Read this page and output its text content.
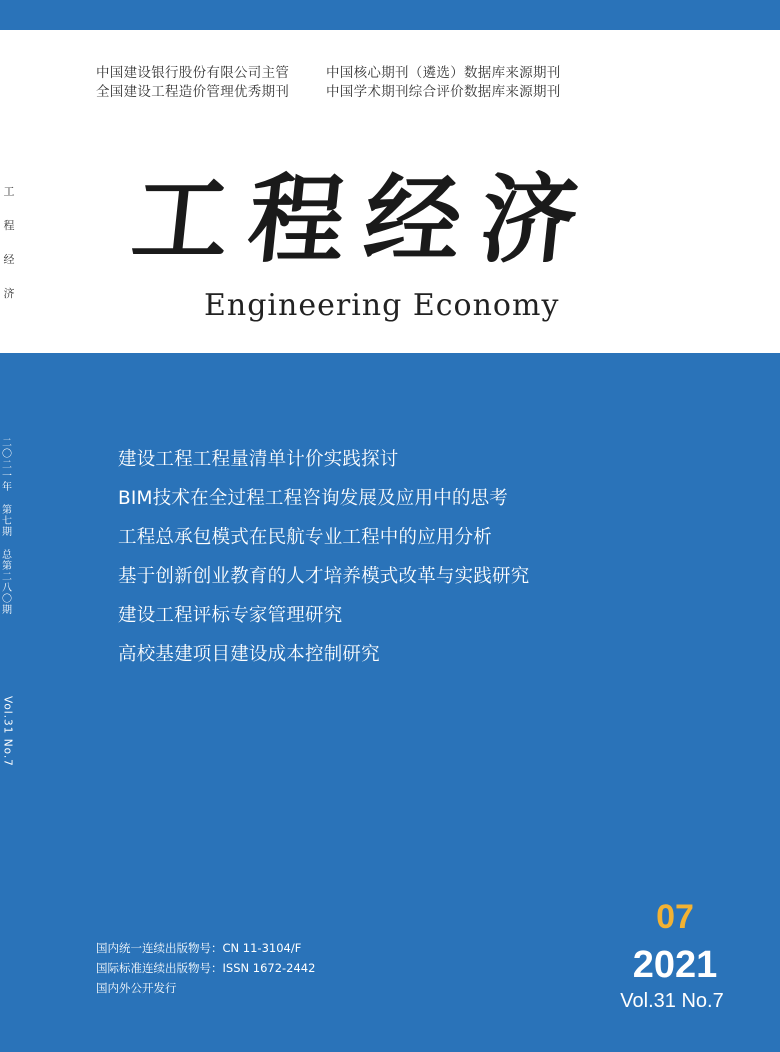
中国建设银行股份有限公司主管	中国核心期刊（遴选）数据库来源期刊
全国建设工程造价管理优秀期刊	中国学术期刊综合评价数据库来源期刊
工
程
经
济
工程经济
Engineering Economy
二〇二一年
第七期
总第二八〇期
Vol.31 No.7
建设工程工程量清单计价实践探讨
BIM技术在全过程工程咨询发展及应用中的思考
工程总承包模式在民航专业工程中的应用分析
基于创新创业教育的人才培养模式改革与实践研究
建设工程评标专家管理研究
高校基建项目建设成本控制研究
国内统一连续出版物号：CN 11-3104/F
国际标准连续出版物号：ISSN 1672-2442
国内外公开发行
07
2021
Vol.31 No.7
